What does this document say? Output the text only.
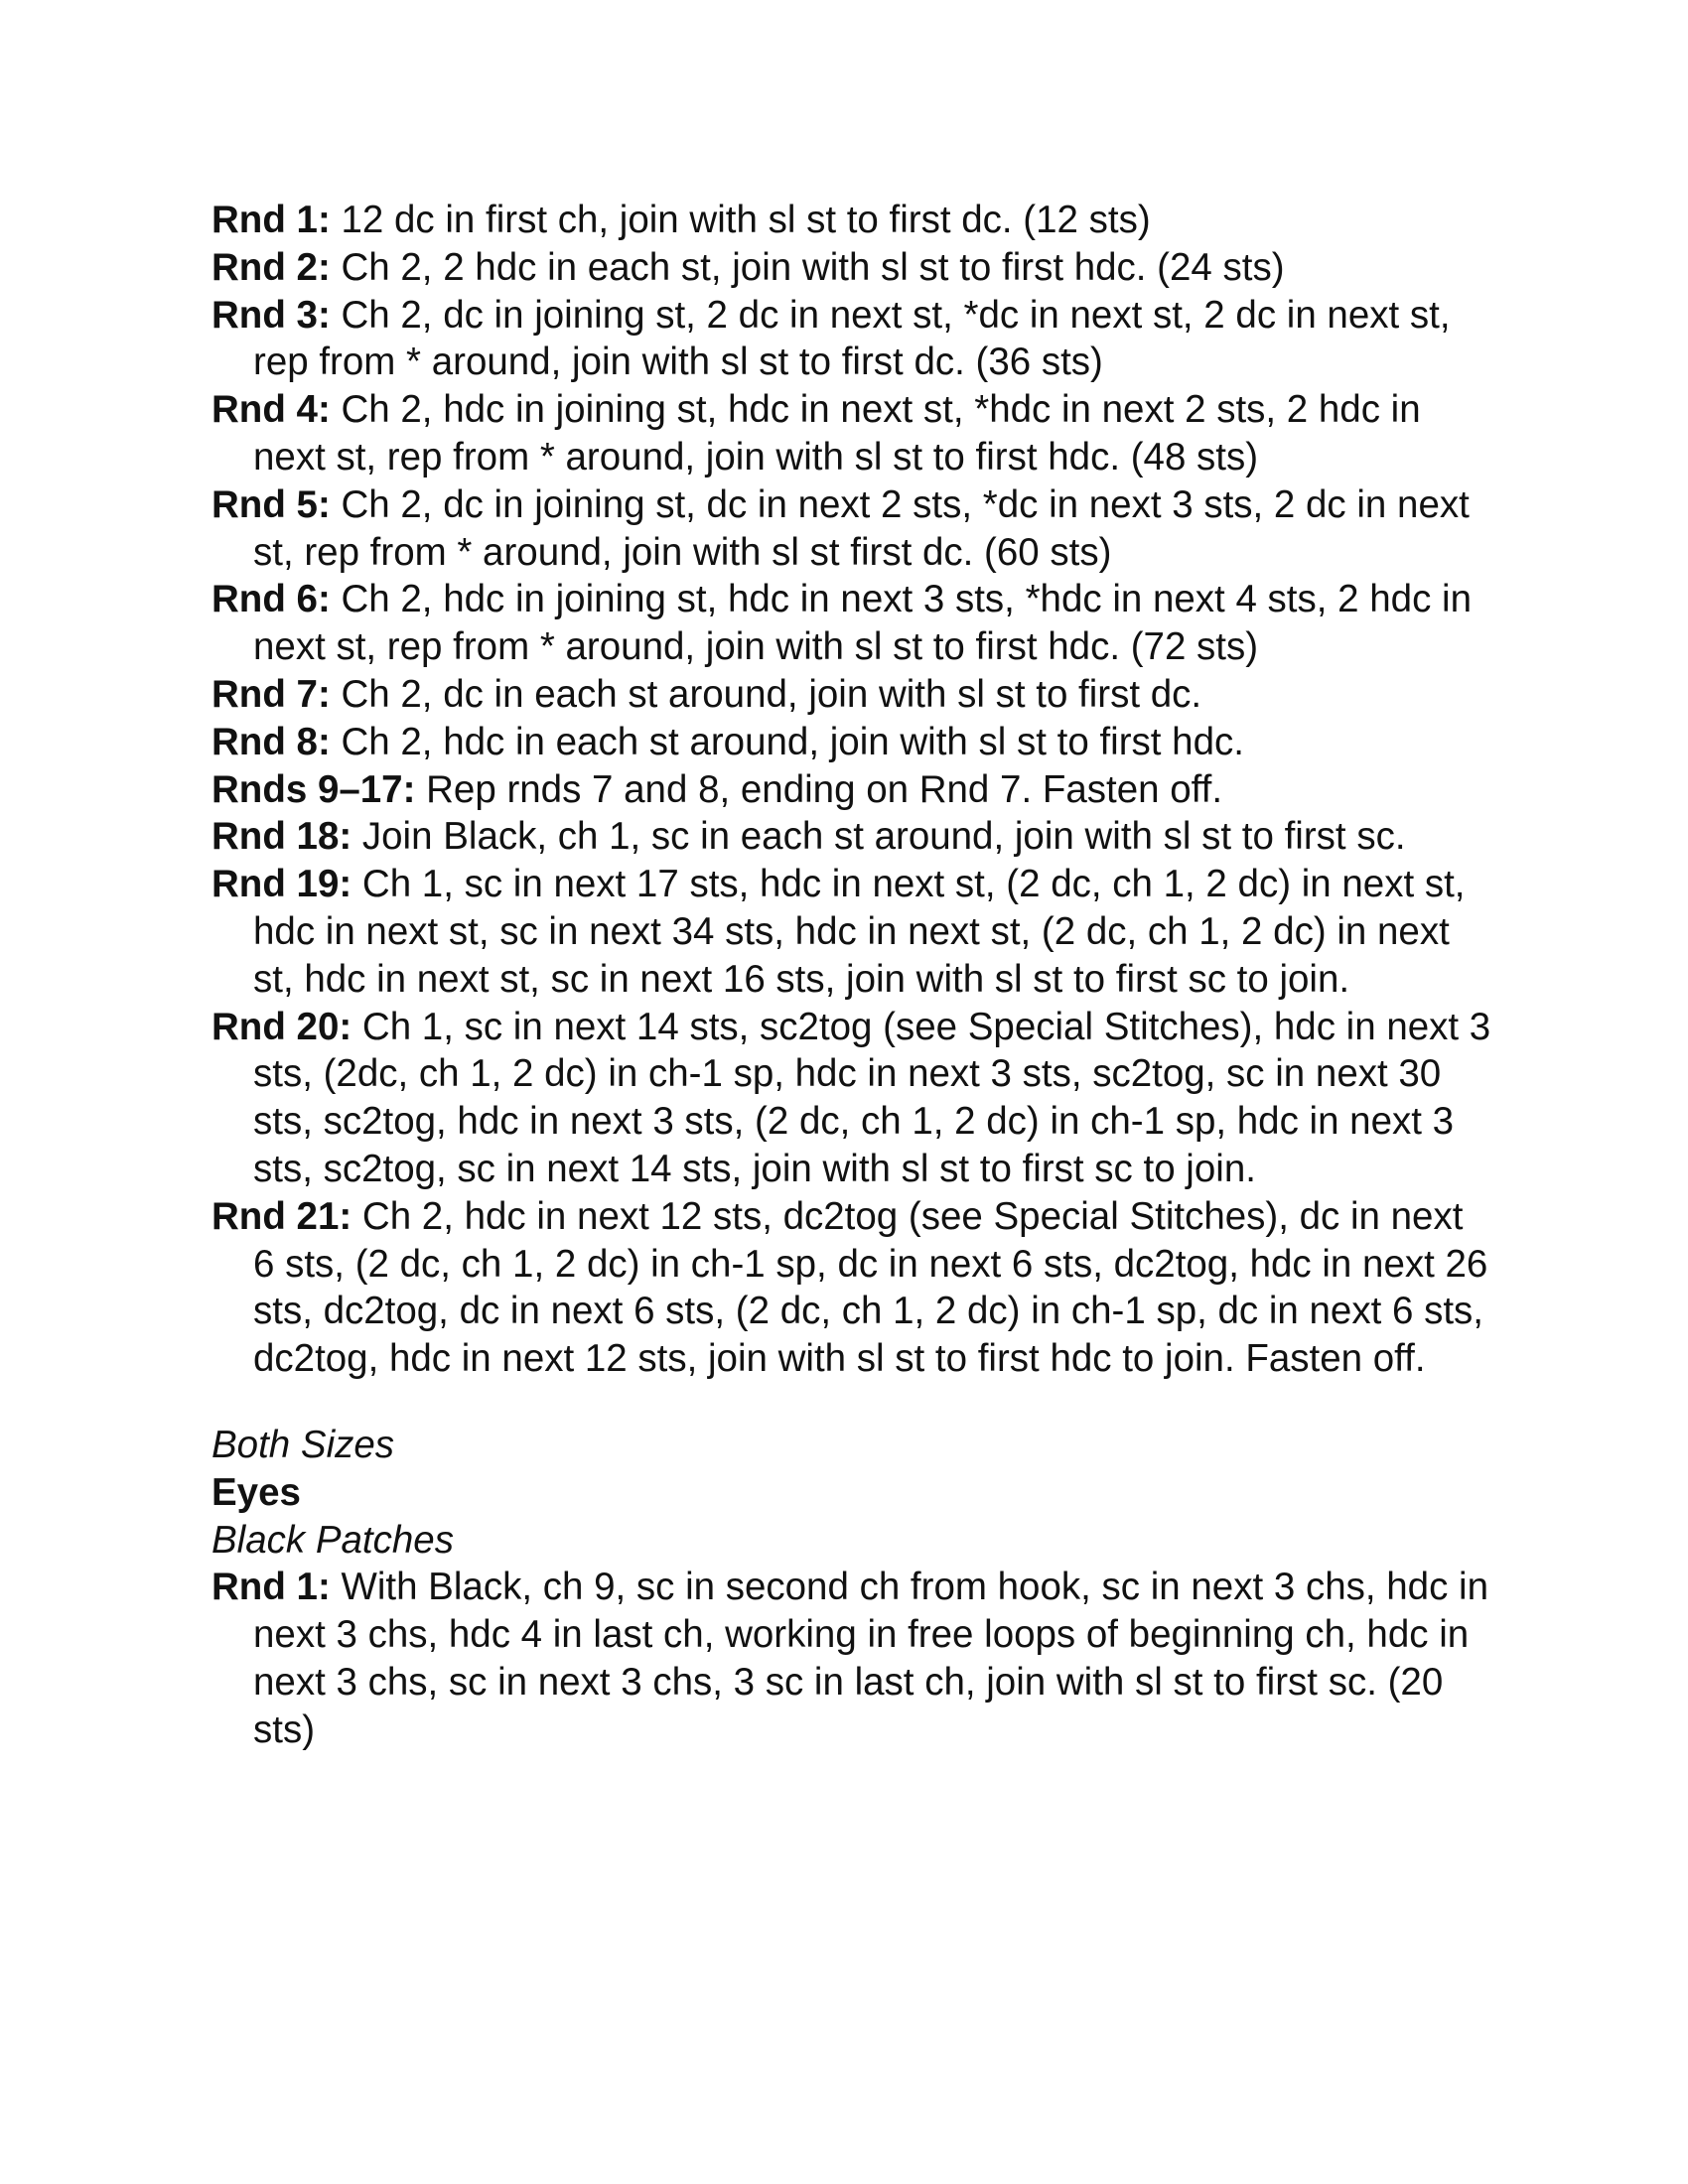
Rnd 1: 12 dc in first ch, join with sl st to first dc. (12 sts)

Rnd 2: Ch 2, 2 hdc in each st, join with sl st to first hdc. (24 sts)

Rnd 3: Ch 2, dc in joining st, 2 dc in next st, *dc in next st, 2 dc in next st, rep from * around, join with sl st to first dc. (36 sts)

Rnd 4: Ch 2, hdc in joining st, hdc in next st, *hdc in next 2 sts, 2 hdc in next st, rep from * around, join with sl st to first hdc. (48 sts)

Rnd 5: Ch 2, dc in joining st, dc in next 2 sts, *dc in next 3 sts, 2 dc in next st, rep from * around, join with sl st first dc. (60 sts)

Rnd 6: Ch 2, hdc in joining st, hdc in next 3 sts, *hdc in next 4 sts, 2 hdc in next st, rep from * around, join with sl st to first hdc. (72 sts)

Rnd 7: Ch 2, dc in each st around, join with sl st to first dc.

Rnd 8: Ch 2, hdc in each st around, join with sl st to first hdc.

Rnds 9–17: Rep rnds 7 and 8, ending on Rnd 7. Fasten off.

Rnd 18: Join Black, ch 1, sc in each st around, join with sl st to first sc.

Rnd 19: Ch 1, sc in next 17 sts, hdc in next st, (2 dc, ch 1, 2 dc) in next st, hdc in next st, sc in next 34 sts, hdc in next st, (2 dc, ch 1, 2 dc) in next st, hdc in next st, sc in next 16 sts, join with sl st to first sc to join.

Rnd 20: Ch 1, sc in next 14 sts, sc2tog (see Special Stitches), hdc in next 3 sts, (2dc, ch 1, 2 dc) in ch-1 sp, hdc in next 3 sts, sc2tog, sc in next 30 sts, sc2tog, hdc in next 3 sts, (2 dc, ch 1, 2 dc) in ch-1 sp, hdc in next 3 sts, sc2tog, sc in next 14 sts, join with sl st to first sc to join.

Rnd 21: Ch 2, hdc in next 12 sts, dc2tog (see Special Stitches), dc in next 6 sts, (2 dc, ch 1, 2 dc) in ch-1 sp, dc in next 6 sts, dc2tog, hdc in next 26 sts, dc2tog, dc in next 6 sts, (2 dc, ch 1, 2 dc) in ch-1 sp, dc in next 6 sts, dc2tog, hdc in next 12 sts, join with sl st to first hdc to join. Fasten off.

Both Sizes

Eyes

Black Patches

Rnd 1: With Black, ch 9, sc in second ch from hook, sc in next 3 chs, hdc in next 3 chs, hdc 4 in last ch, working in free loops of beginning ch, hdc in next 3 chs, sc in next 3 chs, 3 sc in last ch, join with sl st to first sc. (20 sts)
